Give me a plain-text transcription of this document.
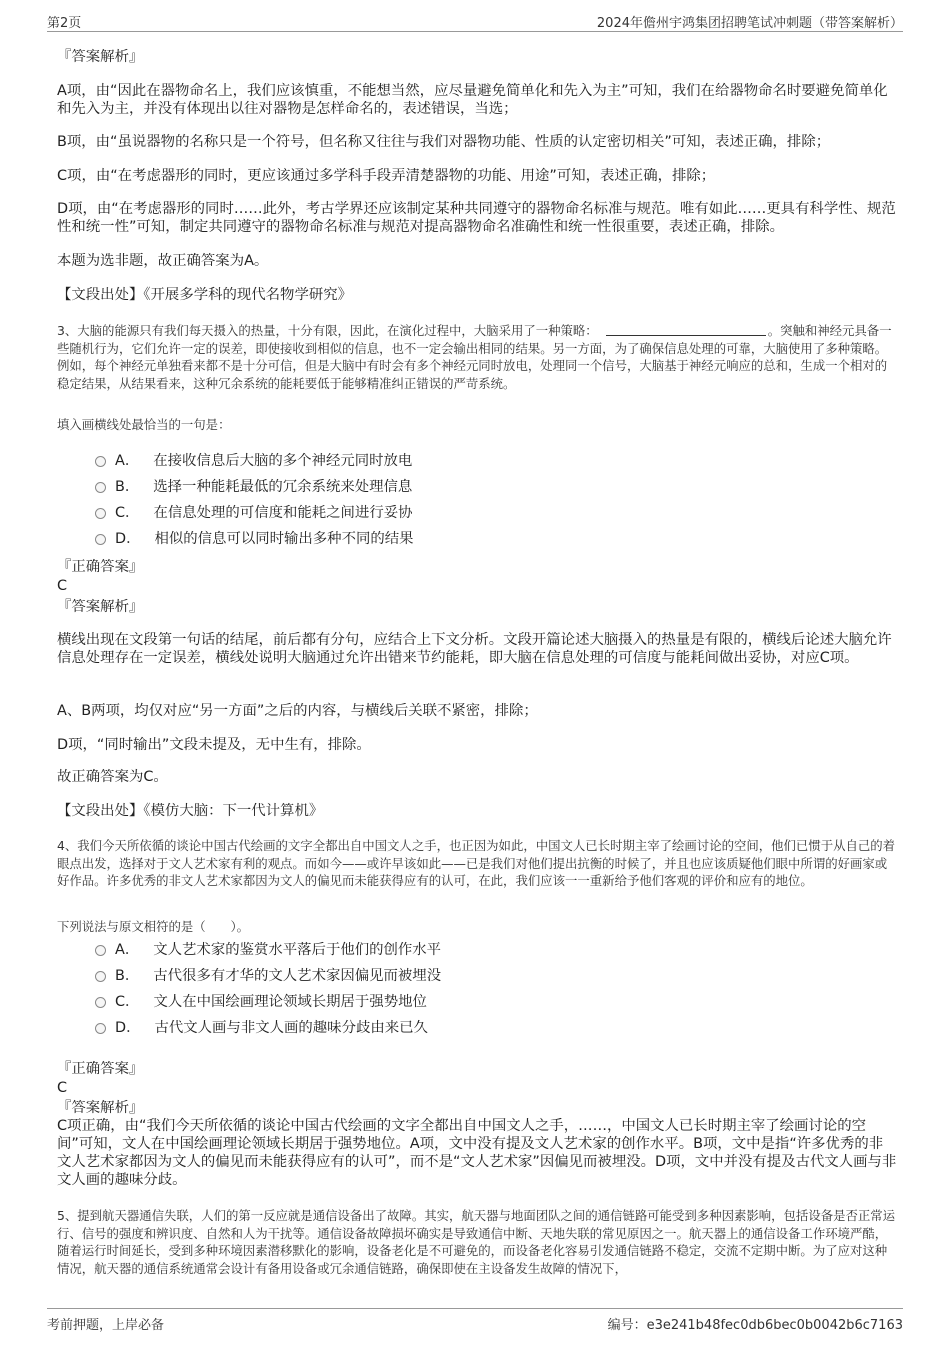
第2页	2024年儋州宇鸿集团招聘笔试冲刺题（带答案解析）
『答案解析』
A项，由“因此在器物命名上，我们应该慎重，不能想当然，应尽量避免简单化和先入为主”可知，我们在给器物命名时要避免简单化和先入为主，并没有体现出以往对器物是怎样命名的，表述错误，当选；
B项，由“虽说器物的名称只是一个符号，但名称又往往与我们对器物功能、性质的认定密切相关”可知，表述正确，排除；
C项，由“在考虑器形的同时，更应该通过多学科手段弄清楚器物的功能、用途”可知，表述正确，排除；
D项，由“在考虑器形的同时……此外，考古学界还应该制定某种共同遵守的器物命名标准与规范。唯有如此……更具有科学性、规范性和统一性”可知，制定共同遵守的器物命名标准与规范对提高器物命名准确性和统一性很重要，表述正确，排除。
本题为选非题，故正确答案为A。
【文段出处】《开展多学科的现代名物学研究》
3、大脑的能源只有我们每天摄入的热量，十分有限，因此，在演化过程中，大脑采用了一种策略：	。突触和神经元具备一些随机行为，它们允许一定的误差，即使接收到相似的信息，也不一定会输出相同的结果。另一方面，为了确保信息处理的可靠，大脑使用了多种策略。例如，每个神经元单独看来都不是十分可信，但是大脑中有时会有多个神经元同时放电，处理同一个信号，大脑基于神经元响应的总和，生成一个相对的稳定结果，从结果看来，这种冗余系统的能耗要低于能够精准纠正错误的严苛系统。
填入画横线处最恰当的一句是：
A． 在接收信息后大脑的多个神经元同时放电
B． 选择一种能耗最低的冗余系统来处理信息
C． 在信息处理的可信度和能耗之间进行妥协
D． 相似的信息可以同时输出多种不同的结果
『正确答案』
C
『答案解析』
横线出现在文段第一句话的结尾，前后都有分句，应结合上下文分析。文段开篇论述大脑摄入的热量是有限的，横线后论述大脑允许信息处理存在一定误差，横线处说明大脑通过允许出错来节约能耗，即大脑在信息处理的可信度与能耗间做出妥协，对应C项。
A、B两项，均仅对应“另一方面”之后的内容，与横线后关联不紧密，排除；
D项，“同时输出”文段未提及，无中生有，排除。
故正确答案为C。
【文段出处】《模仿大脑：下一代计算机》
4、我们今天所依循的谈论中国古代绘画的文字全都出自中国文人之手，也正因为如此，中国文人已长时期主宰了绘画讨论的空间，他们已惯于从自己的着眼点出发，选择对于文人艺术家有利的观点。而如今——或许早该如此——已是我们对他们提出抗衡的时候了，并且也应该质疑他们眼中所谓的好画家或好作品。许多优秀的非文人艺术家都因为文人的偏见而未能获得应有的认可，在此，我们应该一一重新给予他们客观的评价和应有的地位。
下列说法与原文相符的是（　　）。
A． 文人艺术家的鉴赏水平落后于他们的创作水平
B． 古代很多有才华的文人艺术家因偏见而被埋没
C． 文人在中国绘画理论领域长期居于强势地位
D． 古代文人画与非文人画的趣味分歧由来已久
『正确答案』
C
『答案解析』
C项正确，由“我们今天所依循的谈论中国古代绘画的文字全都出自中国文人之手，……，中国文人已长时期主宰了绘画讨论的空间”可知，文人在中国绘画理论领域长期居于强势地位。A项，文中没有提及文人艺术家的创作水平。B项，文中是指“许多优秀的非文人艺术家都因为文人的偏见而未能获得应有的认可”，而不是“文人艺术家”因偏见而被埋没。D项，文中并没有提及古代文人画与非文人画的趣味分歧。
5、提到航天器通信失联，人们的第一反应就是通信设备出了故障。其实，航天器与地面团队之间的通信链路可能受到多种因素影响，包括设备是否正常运行、信号的强度和辨识度、自然和人为干扰等。通信设备故障损坏确实是导致通信中断、天地失联的常见原因之一。航天器上的通信设备工作环境严酷，随着运行时间延长，受到多种环境因素潜移默化的影响，设备老化是不可避免的，而设备老化容易引发通信链路不稳定，交流不定期中断。为了应对这种情况，航天器的通信系统通常会设计有备用设备或冗余通信链路，确保即使在主设备发生故障的情况下，
考前押题，上岸必备	编号：e3e241b48fec0db6bec0b0042b6c7163
